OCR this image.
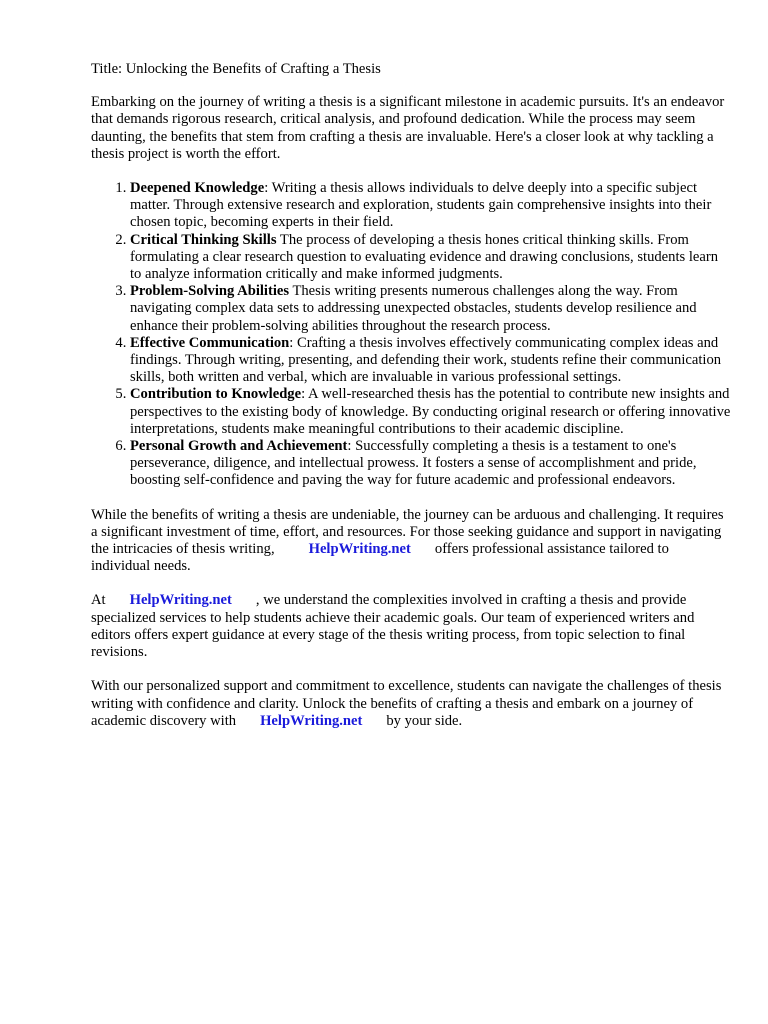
Title: Unlocking the Benefits of Crafting a Thesis

Embarking on the journey of writing a thesis is a significant milestone in academic pursuits. It's an endeavor that demands rigorous research, critical analysis, and profound dedication. While the process may seem daunting, the benefits that stem from crafting a thesis are invaluable. Here's a closer look at why tackling a thesis project is worth the effort.

1. Deepened Knowledge: Writing a thesis allows individuals to delve deeply into a specific subject matter. Through extensive research and exploration, students gain comprehensive insights into their chosen topic, becoming experts in their field.
2. Critical Thinking Skills The process of developing a thesis hones critical thinking skills. From formulating a clear research question to evaluating evidence and drawing conclusions, students learn to analyze information critically and make informed judgments.
3. Problem-Solving Abilities Thesis writing presents numerous challenges along the way. From navigating complex data sets to addressing unexpected obstacles, students develop resilience and enhance their problem-solving abilities throughout the research process.
4. Effective Communication: Crafting a thesis involves effectively communicating complex ideas and findings. Through writing, presenting, and defending their work, students refine their communication skills, both written and verbal, which are invaluable in various professional settings.
5. Contribution to Knowledge: A well-researched thesis has the potential to contribute new insights and perspectives to the existing body of knowledge. By conducting original research or offering innovative interpretations, students make meaningful contributions to their academic discipline.
6. Personal Growth and Achievement: Successfully completing a thesis is a testament to one's perseverance, diligence, and intellectual prowess. It fosters a sense of accomplishment and pride, boosting self-confidence and paving the way for future academic and professional endeavors.

While the benefits of writing a thesis are undeniable, the journey can be arduous and challenging. It requires a significant investment of time, effort, and resources. For those seeking guidance and support in navigating the intricacies of thesis writing, HelpWriting.net offers professional assistance tailored to individual needs.

At HelpWriting.net , we understand the complexities involved in crafting a thesis and provide specialized services to help students achieve their academic goals. Our team of experienced writers and editors offers expert guidance at every stage of the thesis writing process, from topic selection to final revisions.

With our personalized support and commitment to excellence, students can navigate the challenges of thesis writing with confidence and clarity. Unlock the benefits of crafting a thesis and embark on a journey of academic discovery with HelpWriting.net by your side.
